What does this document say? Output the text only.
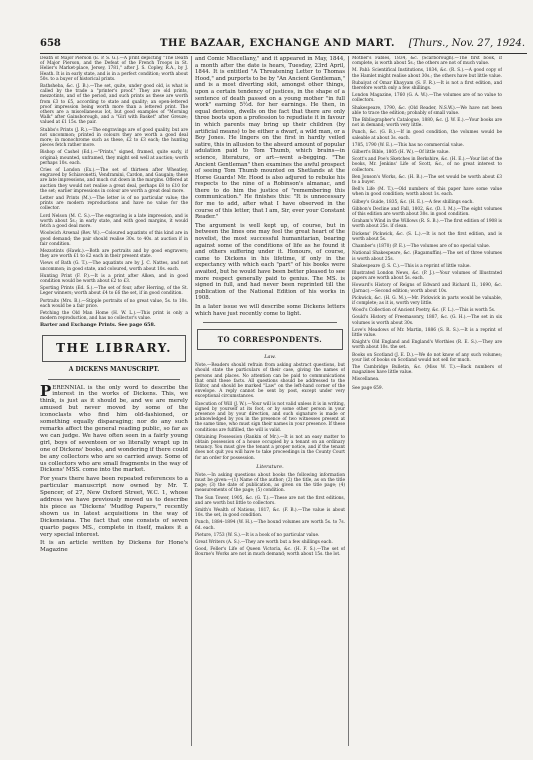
658	THE BAZAAR, EXCHANGE AND MART. [Thurs., Nov. 27, 1924.

Death of Major Pierson (E. P. S. G.).—A print depicting "The Death of Major Pierson, and the Defeat of the French Troops in St. Helier's Market-place, Jersey, 1781," after J. S. Copley, R.A., by J. Heath. It is in early state, and is in a perfect condition; worth about 50s. to a buyer of historical prints.

Bathsheba, &c. (J. B.).—The set, quite, under good old, is what is called by the trade a "printer's proof." They are old prints, mezzotints, and of the period, and such prints as these are worth from £3 to £5, according to state and quality; an open-lettered proof impression being worth more than a lettered print. The others are a miscellaneous lot, but good examples of "Morning Walk" after Gainsborough, and a "Girl with Basket" after Greuze; valued at £1 15s. the pair.

Stubbs's Prints (J. R.).—The engravings are of good quality, but are not uncommon; printed in colours they are worth a good deal more; in monochrome such as these, £2 to £3 each; the hunting pieces fetch rather more.

Bishop of Cashel (Ed.).—"Prints," signed, framed, quite early, if original; mounted, unframed, they might sell well at auction; worth perhaps 10s. each.

Cries of London (Ex.).—The set of thirteen after Wheatley, engraved by Schiavonetti, Vendramini, Cardon, and Gaugain; these are late impressions, and much cut down in the margins. Offered at auction they would not realise a great deal, perhaps £8 to £10 for the set; earlier impressions in colour are worth a great deal more.

Letter and Prints (M.).—The letter is of no particular value; the prints are modern reproductions and have no value for the collector.

Lord Nelson (M. C. S.).—The engraving is a late impression, and is worth about 5s.; in early state, and with good margins, it would fetch a good deal more.

Woolwich Arsenal (Rev. W.).—Coloured aquatints of this kind are in good demand; the pair should realise 30s. to 40s. at auction if in fair condition.

Mezzotints (Hawk.).—Both are portraits and by good engravers; they are worth £1 to £2 each in their present state.

Views of Bath (G. T.).—The aquatints are by J. C. Nattes, and not uncommon; in good state, and coloured, worth about 10s. each.

Hunting Print (F. P.).—It is a print after Alken, and in good condition would be worth about £2 to £3.

Sporting Prints (Ed. S.).—The set of four, after Herring, of the St. Leger winners; worth about £4 to £6 the set, if in good condition.

Portraits (Mrs. B.).—Stipple portraits of no great value, 5s. to 10s. each would be a fair price.

Fetching the Old Man Home (H. W. L.).—This print is only a modern reproduction, and has no collector's value.

Barter and Exchange Prints. See page 658.

THE LIBRARY.
A DICKENS MANUSCRIPT.

PERENNIAL is the only word to describe the interest in the works of Dickens. This, we think, is just as it should be, and we are merely amused but never moved by some of the iconoclasts who find him old-fashioned, or something equally disparaging; nor do any such remarks affect the general reading public, so far as we can judge. We have often seen in a fairly young girl, boys of seventeen or so literally wrapt up in one of Dickens' books, and wondering if there could be any collectors who are so carried away. Some of us collectors who are small fragments in the way of Dickens' MSS. come into the market.

For years there have been repeated references to a particular manuscript now owned by Mr. T. Spencer, of 27, New Oxford Street, W.C. 1, whose address we have previously moved us to describe his piece as "Dickens' 'Mudfog Papers,'" recently shown us in latest acquisitions in the way of Dickensiana. The fact that one consists of seven quarto pages MS., complete in itself, makes it a very special interest.

It is an article written by Dickens for Hone's Magazine

and Comic Miscellany," and it appeared in May, 1844, a month after the date is hears, Tuesday, 23rd April, 1844. It is entitled "A Threatening Letter to Thomas Hood," and purports to be by "An Ancient Gentleman," and is a most diverting skit, amongst other things, upon a certain tendency of justices, in the shape of a sentence of death passed on a young mother "in full work" earning 5½d. for her earnings. He then, in equal derision, dwells on the fact that there are only three boots upon a profession to repudiate it in favour in which parents may bring up their children (by artificial means) to be either a dwarf, a wild man, or a Boy Jones. He lingers on the first in hardly veiled satire, this in allusion to the absurd amount of popular adulation paid to Tom Thumb, which brains—in science, literature, or art—went a-begging. "The Ancient Gentleman" then examines the awful prospect of seeing Tom Thumb mounted on Shetlands at the Horse Guards! Mr. Hood is also adjured to rebuke his respects to the nine of a Robinson's almanac, and there to do him the justice of "remembering this communication." He finishes this: "It is unnecessary for me to add, after what I have observed in the course of this letter, that I am, Sir, ever your Constant Reader."

The argument is well kept up, of course, but in between the lines one may feel the great heart of the novelist, the most successful humanitarian, bearing against some of the conditions of life as he found it and others suffering under it. Honours, of course, came to Dickens in his lifetime, if only in the expectancy with which each "part" of his books were awaited, but he would have been better pleased to see more respect generally paid to genius. The MS. is signed in full, and had never been reprinted till the publication of the National Edition of his works in 1908.

In a later issue we will describe some Dickens letters which have just recently come to light.

TO CORRESPONDENTS.
Law.

Note.—Readers should refrain from asking abstract questions, but should state the particulars of their case, giving the names of persons and places. No attention can be paid to communications that omit these facts. All questions should be addressed to the Editor, and should be marked "Law" on the left-hand corner of the envelope. A reply cannot be sent by post, except under very exceptional circumstances.

Execution of Will (J. W.).—Your will is not valid unless it is in writing, signed by yourself at its foot, or by some other person in your presence and by your direction, and such signature is made or acknowledged by you in the presence of two witnesses present at the same time, who must sign their names in your presence. If these conditions are fulfilled, the will is valid.

Obtaining Possession (Rankin of Mr.).—It is not an easy matter to obtain possession of a house occupied by a tenant on an ordinary tenancy. You must give the tenant a proper notice, and if the tenant does not quit you will have to take proceedings in the County Court for an order for possession.

Literature.

Note.—In asking questions about books the following information must be given:—(1) Name of the author; (2) the title, as on the title page; (3) the date of publication, as given on the title page; (4) measurements of the page; (5) condition.

The Sun Tower, 1905, &c. (G. T.).—These are not the first editions, and are worth but little to collectors.

Smith's Wealth of Nations, 1817, &c. (F. B.).—The value is about 10s. the set, in good condition.

Punch, 1884–1894 (W. H.).—The bound volumes are worth 5s. to 7s. 6d. each.

Pieture, 1753 (W. S.).—It is a book of no particular value.

Great Writers (A. S.).—They are worth but a few shillings each.

Good, Feller's Life of Queen Victoria, &c. (H. F. S.).—The set of Bourne's Works are not in much demand; worth about 15s. the lot.

Mother's Fables, 1834, &c. (Scarborough).—The first book, if complete, is worth about 5s.; the others are not of much value.

M. Pahl: Scientifical Institutions, 1834, &c. (R. S.).—A good copy of the Hamlet might realise about 30s.; the others have but little value.

Rubaiyat of Omar Khayyam (S. F. R.).—It is not a first edition, and therefore worth only a few shillings.

London Magazine, 1760 (G. A. W.).—The volumes are of no value to collectors.

Shakespeare, 1790, &c. (Old Reader, N.S.W.).—We have not been able to trace the edition; probably of small value.

The Bibliographer's Catalogue, 1880, &c. (J. W. E.).—Your books are not in demand; worth very little.

Punch, &c. (G. B.).—If in good condition, the volumes would be saleable at about 3s. each.

1785, 1790 (W. E.).—This has no commercial value.

Gilbert's Bible, 1805 (H. W.).—Of little value.

Scott's and Poe's Sketches in Berkshire, &c. (H. E.).—Your list of the books, Mr. Jenkins' Life of Scott, &c., of no great interest to collectors.

Ben Jonson's Works, &c. (H. B.).—The set would be worth about £3 to a buyer.

Bell's Life (M. T.).—Old numbers of this paper have some value when in good condition; worth about 1s. each.

Gilbey's Guide, 1835, &c. (H. E.).—A few shillings each.

Gibbon's Decline and Fall, 1802, &c. (D. I. M.).—The eight volumes of this edition are worth about 30s. in good condition.

Graham's Wind in the Willows (R. S. B.).—The first edition of 1908 is worth about 25s. if clean.

Dickens' Pickwick, &c. (S. L.).—It is not the first edition, and is worth about 5s.

Chamber's (1870) (P. E.).—The volumes are of no special value.

National Shakespeare, &c. (Ragamuffin).—The set of three volumes is worth about 25s.

Shakespeare (J. S. C.).—This is a reprint of little value.

Illustrated London News, &c. (P. J.).—Your volumes of Illustrated papers are worth about 5s. each.

Howard's History of Reigns of Edward and Richard II., 1690, &c. (Jarnac).—Second edition; worth about 10s.

Pickwick, &c. (H. G. M.).—Mr. Pickwick in parts would be valuable, if complete; as it is, worth very little.

Wood's Collection of Ancient Poetry, &c. (F. L.).—This is worth 5s.

Gould's History of Freemasonry, 1887, &c. (G. H.).—The set in six volumes is worth about 30s.

Love's Meadows of Mr. Martin, 1886 (S. R. S.).—It is a reprint of little value.

Knight's Old England and England's Worthies (R. E. S.).—They are worth about 10s. the set.

Books on Scotland (J. E. D.).—We do not know of any such volumes; your list of books on Scotland would not sell for much.

The Cambridge Bulletin, &c. (Miss W. T.).—Back numbers of magazines have little value.

Miscellanea.

See page 659.
